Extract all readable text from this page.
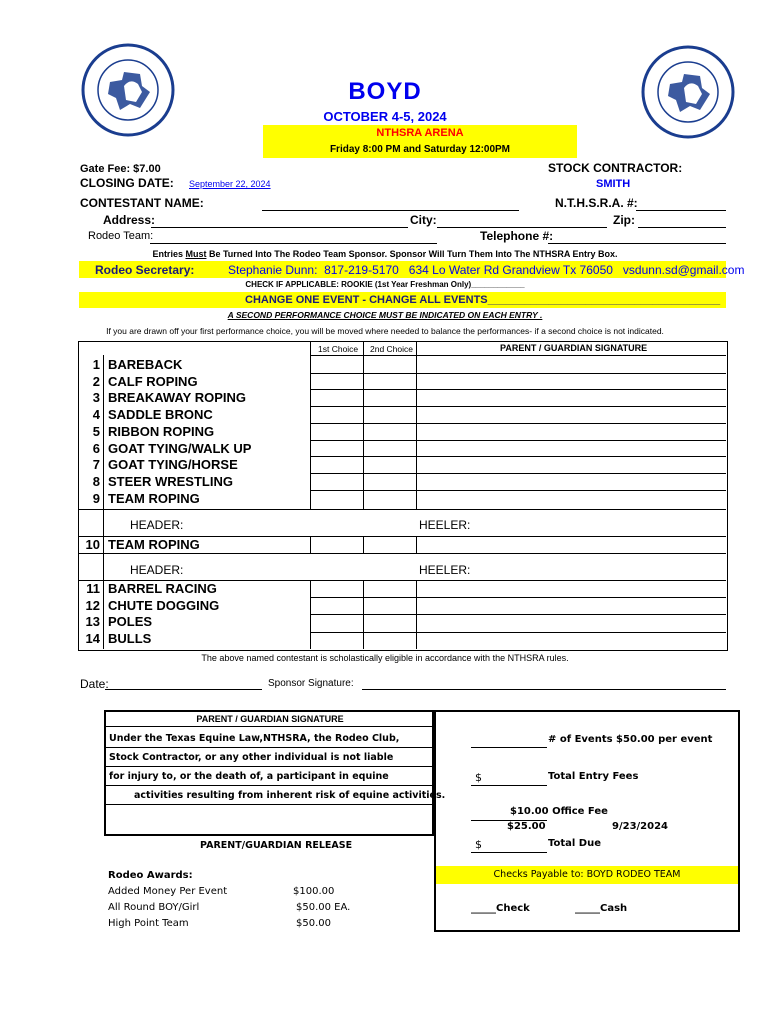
BOYD
OCTOBER 4-5, 2024
NTHSRA ARENA
Friday 8:00 PM and Saturday 12:00PM
Gate Fee: $7.00
CLOSING DATE: September 22, 2024
STOCK CONTRACTOR:
SMITH
CONTESTANT NAME:	N.T.H.S.R.A. #:
Address:	City:	Zip:
Rodeo Team:	Telephone #:
Entries Must Be Turned Into The Rodeo Team Sponsor. Sponsor Will Turn Them Into The NTHSRA Entry Box.
Rodeo Secretary:	Stephanie Dunn:  817-219-5170   634 Lo Water Rd Grandview Tx 76050   vsdunn.sd@gmail.com
CHECK IF APPLICABLE: ROOKIE (1st Year Freshman Only)____________
CHANGE ONE EVENT - CHANGE ALL EVENTS______________________________________
A SECOND PERFORMANCE CHOICE MUST BE INDICATED ON EACH ENTRY .
If you are drawn off your first performance choice, you will be moved where needed to balance the performances- if a second choice is not indicated.
1st Choice 2nd Choice	PARENT / GUARDIAN SIGNATURE
1 BAREBACK
2 CALF ROPING
3 BREAKAWAY ROPING
4 SADDLE BRONC
5 RIBBON ROPING
6 GOAT TYING/WALK UP
7 GOAT TYING/HORSE
8 STEER WRESTLING
9 TEAM ROPING
HEADER:	HEELER:
10 TEAM ROPING
HEADER:	HEELER:
11 BARREL RACING
12 CHUTE DOGGING
13 POLES
14 BULLS
The above named contestant is scholastically eligible in accordance with the NTHSRA rules.
Date:	Sponsor Signature:
PARENT / GUARDIAN SIGNATURE
Under the Texas Equine Law,NTHSRA, the Rodeo Club,
Stock Contractor, or any other individual is not liable
for injury to, or the death of, a participant in equine
activities resulting from inherent risk of equine activities.
PARENT/GUARDIAN RELEASE
# of Events $50.00 per event
$	Total Entry Fees
$10.00 Office Fee
$25.00	9/23/2024
$	Total Due
Checks Payable to: BOYD RODEO TEAM
_____Check	_____Cash
Rodeo Awards:
Added Money Per Event	$100.00
All Round BOY/Girl	$50.00 EA.
High Point Team	$50.00
